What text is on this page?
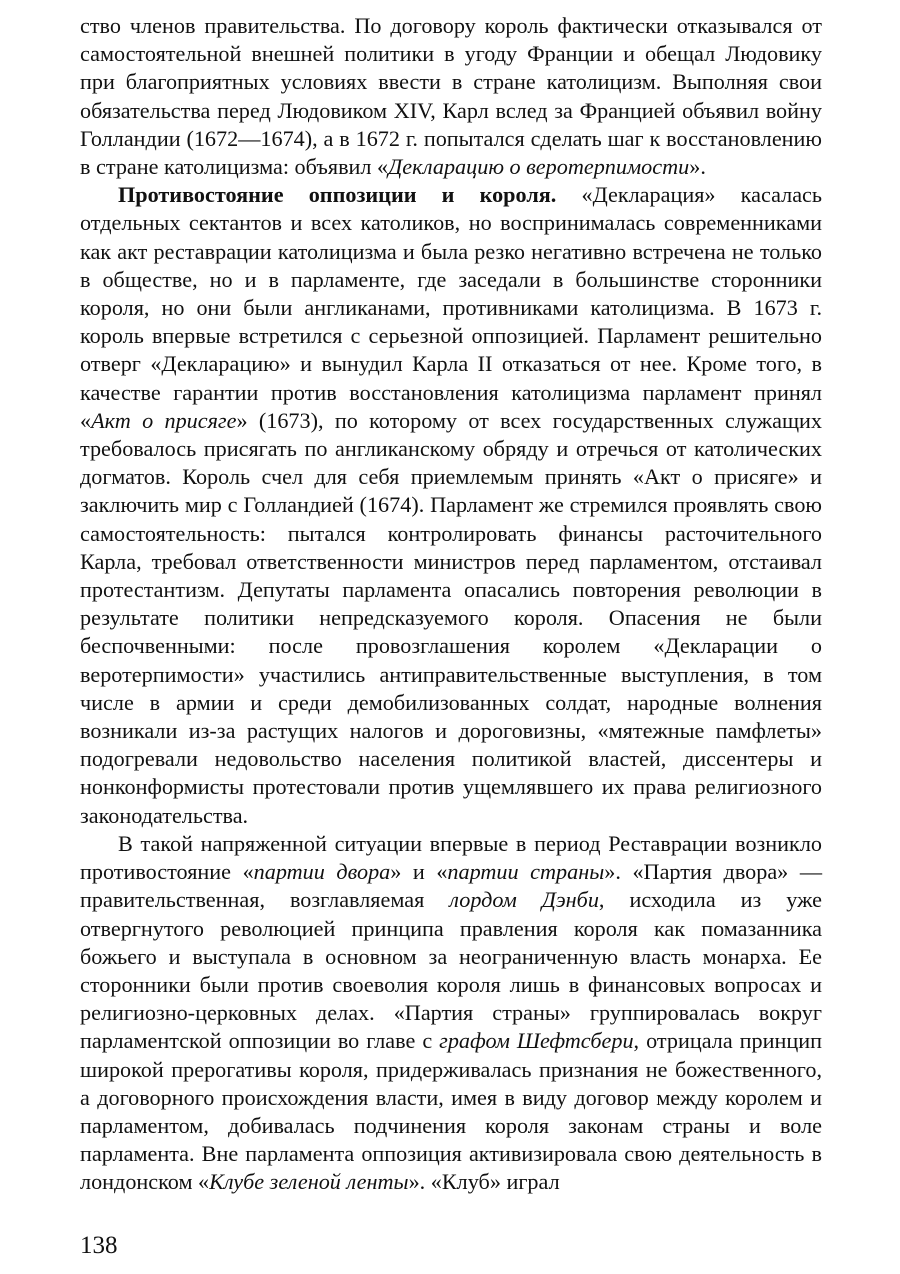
ство членов правительства. По договору король фактически отказывался от самостоятельной внешней политики в угоду Франции и обещал Людовику при благоприятных условиях ввести в стране католицизм. Выполняя свои обязательства перед Людовиком XIV, Карл вслед за Францией объявил войну Голландии (1672—1674), а в 1672 г. попытался сделать шаг к восстановлению в стране католицизма: объявил «Декларацию о веротерпимости».

Противостояние оппозиции и короля. «Декларация» касалась отдельных сектантов и всех католиков, но воспринималась современниками как акт реставрации католицизма и была резко негативно встречена не только в обществе, но и в парламенте, где заседали в большинстве сторонники короля, но они были англиканами, противниками католицизма. В 1673 г. король впервые встретился с серьезной оппозицией. Парламент решительно отверг «Декларацию» и вынудил Карла II отказаться от нее. Кроме того, в качестве гарантии против восстановления католицизма парламент принял «Акт о присяге» (1673), по которому от всех государственных служащих требовалось присягать по англиканскому обряду и отречься от католических догматов. Король счел для себя приемлемым принять «Акт о присяге» и заключить мир с Голландией (1674). Парламент же стремился проявлять свою самостоятельность: пытался контролировать финансы расточительного Карла, требовал ответственности министров перед парламентом, отстаивал протестантизм. Депутаты парламента опасались повторения революции в результате политики непредсказуемого короля. Опасения не были беспочвенными: после провозглашения королем «Декларации о веротерпимости» участились антиправительственные выступления, в том числе в армии и среди демобилизованных солдат, народные волнения возникали из-за растущих налогов и дороговизны, «мятежные памфлеты» подогревали недовольство населения политикой властей, диссентеры и нонконформисты протестовали против ущемлявшего их права религиозного законодательства.

В такой напряженной ситуации впервые в период Реставрации возникло противостояние «партии двора» и «партии страны». «Партия двора» — правительственная, возглавляемая лордом Дэнби, исходила из уже отвергнутого революцией принципа правления короля как помазанника божьего и выступала в основном за неограниченную власть монарха. Ее сторонники были против своеволия короля лишь в финансовых вопросах и религиозно-церковных делах. «Партия страны» группировалась вокруг парламентской оппозиции во главе с графом Шефтсбери, отрицала принцип широкой прерогативы короля, придерживалась признания не божественного, а договорного происхождения власти, имея в виду договор между королем и парламентом, добивалась подчинения короля законам страны и воле парламента. Вне парламента оппозиция активизировала свою деятельность в лондонском «Клубе зеленой ленты». «Клуб» играл

138
